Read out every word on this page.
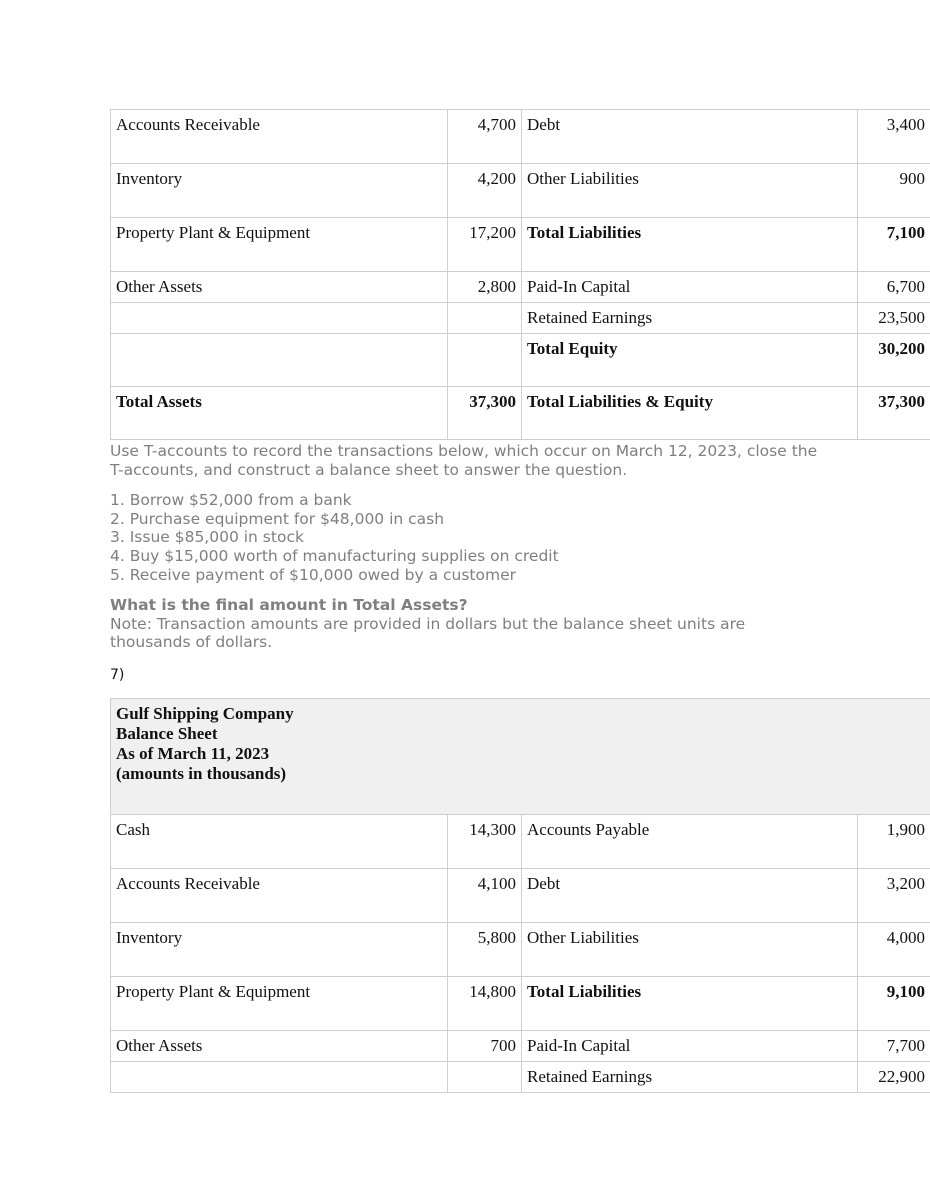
Accounts Receivable	4,700	Debt	3,400
Inventory	4,200	Other Liabilities	900
Property Plant & Equipment	17,200	Total Liabilities	7,100
Other Assets	2,800	Paid-In Capital	6,700
		Retained Earnings	23,500
		Total Equity	30,200
Total Assets	37,300	Total Liabilities & Equity	37,300

Use T-accounts to record the transactions below, which occur on March 12, 2023, close the T-accounts, and construct a balance sheet to answer the question.

1. Borrow $52,000 from a bank

2. Purchase equipment for $48,000 in cash

3. Issue $85,000 in stock

4. Buy $15,000 worth of manufacturing supplies on credit

5. Receive payment of $10,000 owed by a customer

What is the final amount in Total Assets?

Note: Transaction amounts are provided in dollars but the balance sheet units are thousands of dollars.

7)
Gulf Shipping Company
Balance Sheet
As of March 11, 2023
(amounts in thousands)			

Cash	14,300	Accounts Payable	1,900
Accounts Receivable	4,100	Debt	3,200
Inventory	5,800	Other Liabilities	4,000
Property Plant & Equipment	14,800	Total Liabilities	9,100
Other Assets	700	Paid-In Capital	7,700
		Retained Earnings	22,900
